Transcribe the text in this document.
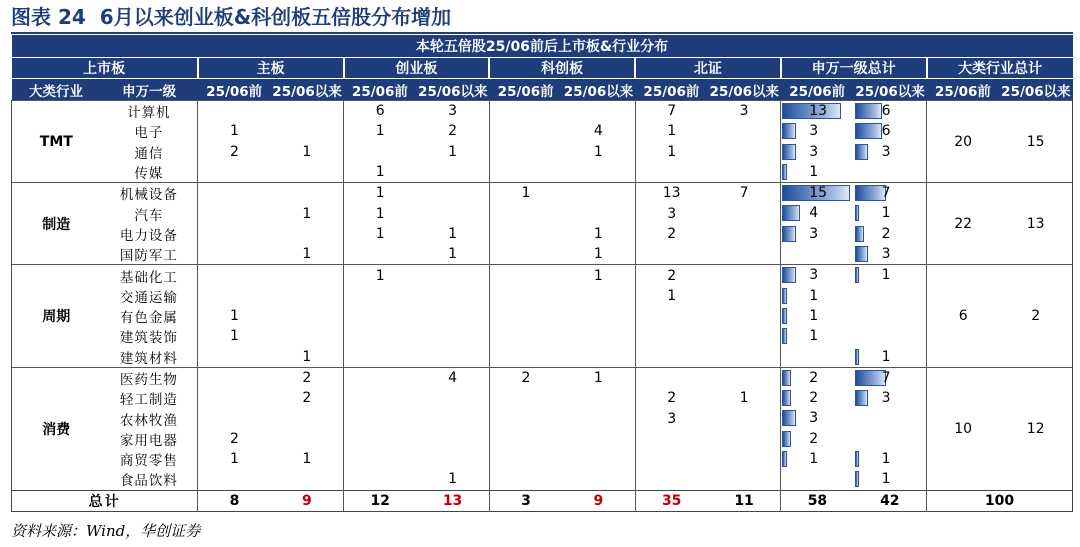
图表 24 6月以来创业板&科创板五倍股分布增加
本轮五倍股25/06前后上市板&行业分布													
上市板		主板		创业板		科创板		北证		申万一级总计		大类行业总计	
大类行业	申万一级	25/06前	25/06以来	25/06前	25/06以来	25/06前	25/06以来	25/06前	25/06以来	25/06前	25/06以来	25/06前	25/06以来
TMT	计算机			6	3			7	3	13	6	20	15
	电子	1		1	2		4	1		3	6		

	通信	2	1		1		1	1		3	3		

	传媒			1						1			

制造	机械设备			1		1		13	7	15	7	22	13
	汽车		1	1				3		4	1		

	电力设备			1	1		1	2		3	2		

	国防军工		1		1		1				3		

周期	基础化工			1			1	2		3	1	6	2
	交通运输							1		1			

	有色金属	1								1			

	建筑装饰	1								1			

	建筑材料		1								1		

消费	医药生物		2		4	2	1			2	7	10	12
	轻工制造		2					2	1	2	3		

	农林牧渔							3		3			

	家用电器	2								2			

	商贸零售	1	1							1	1		

	食品饮料				1						1		

总计		8	9	12	13	3	9	35	11	58	42	100	
资料来源：Wind，华创证券
